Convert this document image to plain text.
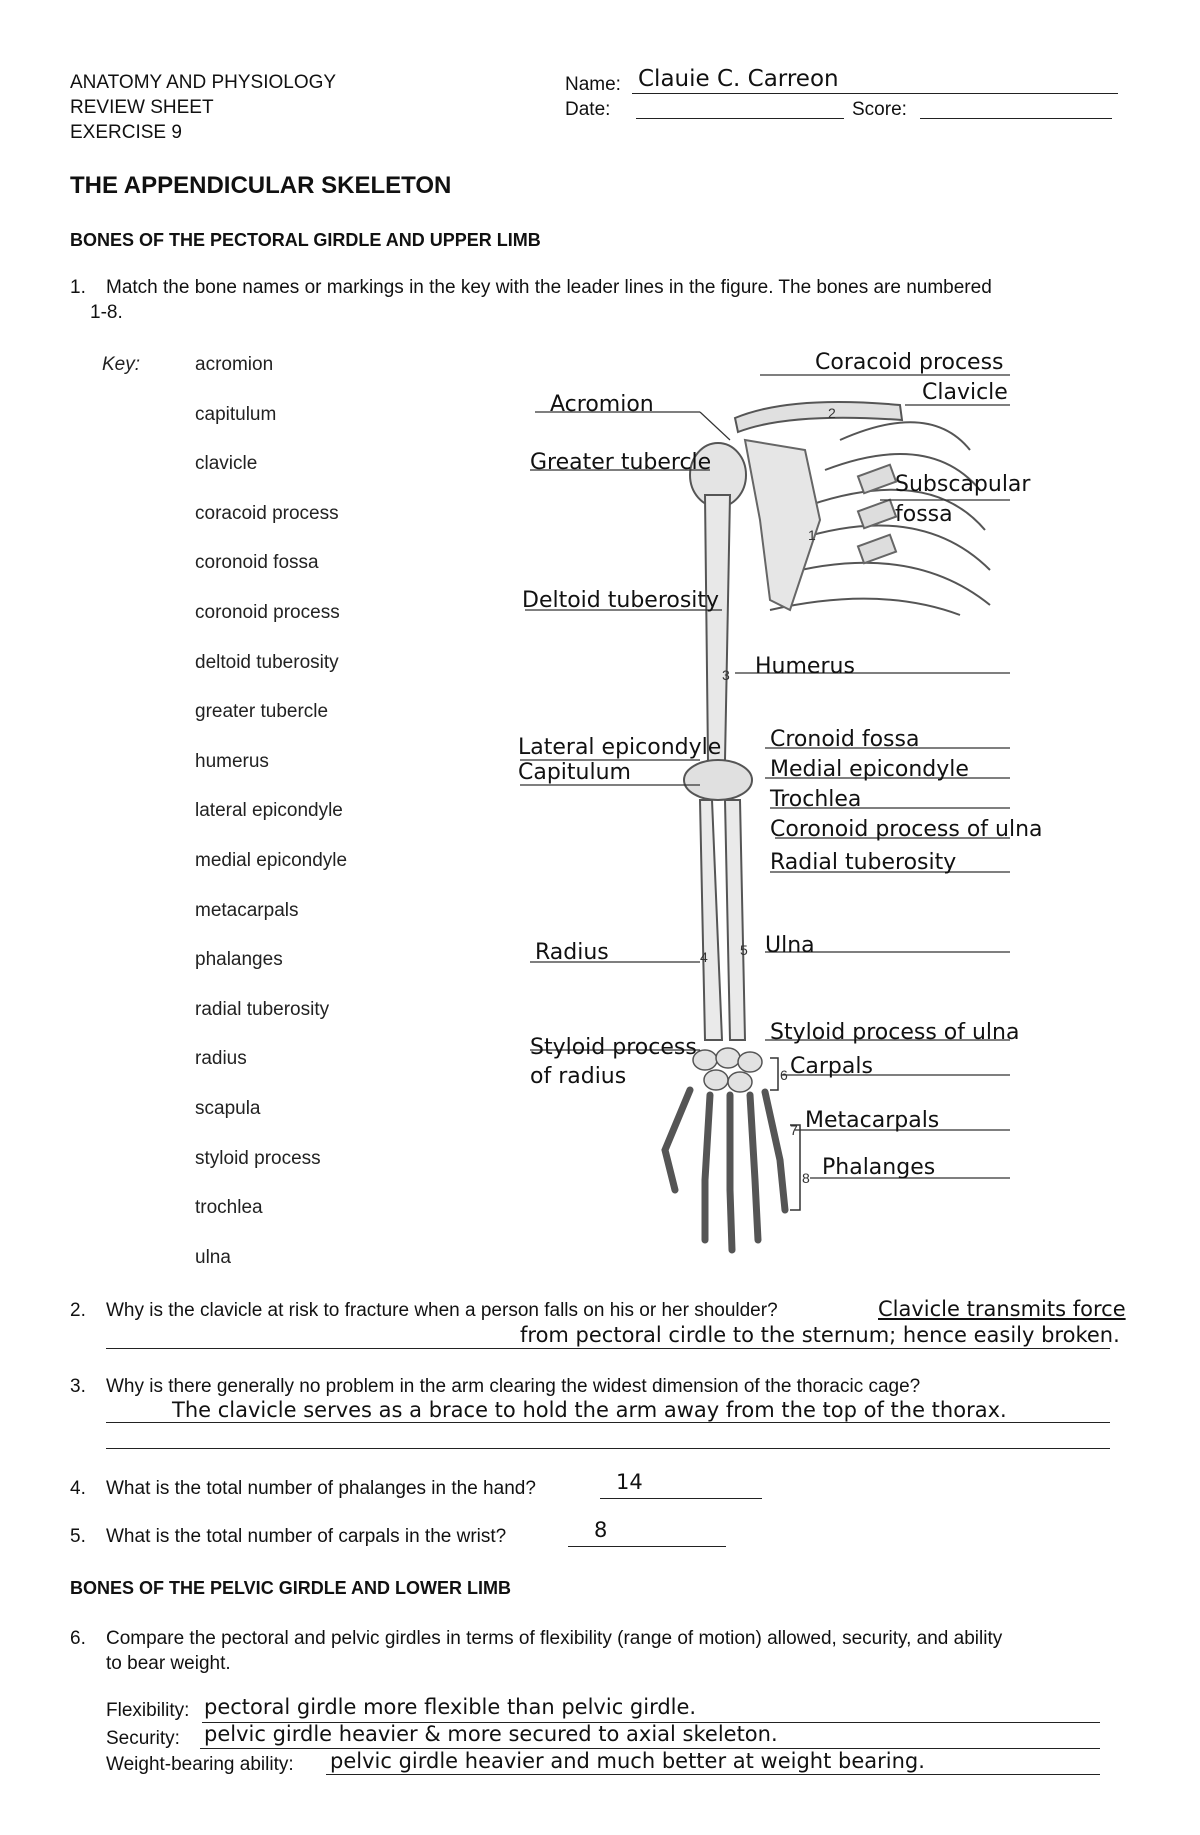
ANATOMY AND PHYSIOLOGY
REVIEW SHEET
EXERCISE 9
Name: Clauie C. Carreon
Date:	Score:
THE APPENDICULAR SKELETON
BONES OF THE PECTORAL GIRDLE AND UPPER LIMB
1. Match the bone names or markings in the key with the leader lines in the figure. The bones are numbered
1-8.
Key:	acromion
capitulum
clavicle
coracoid process
coronoid fossa
coronoid process
deltoid tuberosity
greater tubercle
humerus
lateral epicondyle
medial epicondyle
metacarpals
phalanges
radial tuberosity
radius
scapula
styloid process
trochlea
ulna
1
2
3
4 5
6
7
8
Coracoid process
Clavicle
Acromion
Greater tubercle
Subscapular
fossa
Deltoid tuberosity
Humerus
Lateral epicondyle
Capitulum
Cronoid fossa
Medial epicondyle
Trochlea
Coronoid process of ulna
Radial tuberosity
Radius	Ulna
Styloid process of ulna
Styloid process
of radius	Carpals
Metacarpals
Phalanges
2. Why is the clavicle at risk to fracture when a person falls on his or her shoulder?	Clavicle transmits force
from pectoral cirdle to the sternum; hence easily broken.
3. Why is there generally no problem in the arm clearing the widest dimension of the thoracic cage?
The clavicle serves as a brace to hold the arm away from the top of the thorax.
4. What is the total number of phalanges in the hand?	14
5. What is the total number of carpals in the wrist?	8
BONES OF THE PELVIC GIRDLE AND LOWER LIMB
6. Compare the pectoral and pelvic girdles in terms of flexibility (range of motion) allowed, security, and ability
to bear weight.
Flexibility: pectoral girdle more flexible than pelvic girdle.
Security: pelvic girdle heavier & more secured to axial skeleton.
Weight-bearing ability: pelvic girdle heavier and much better at weight bearing.
